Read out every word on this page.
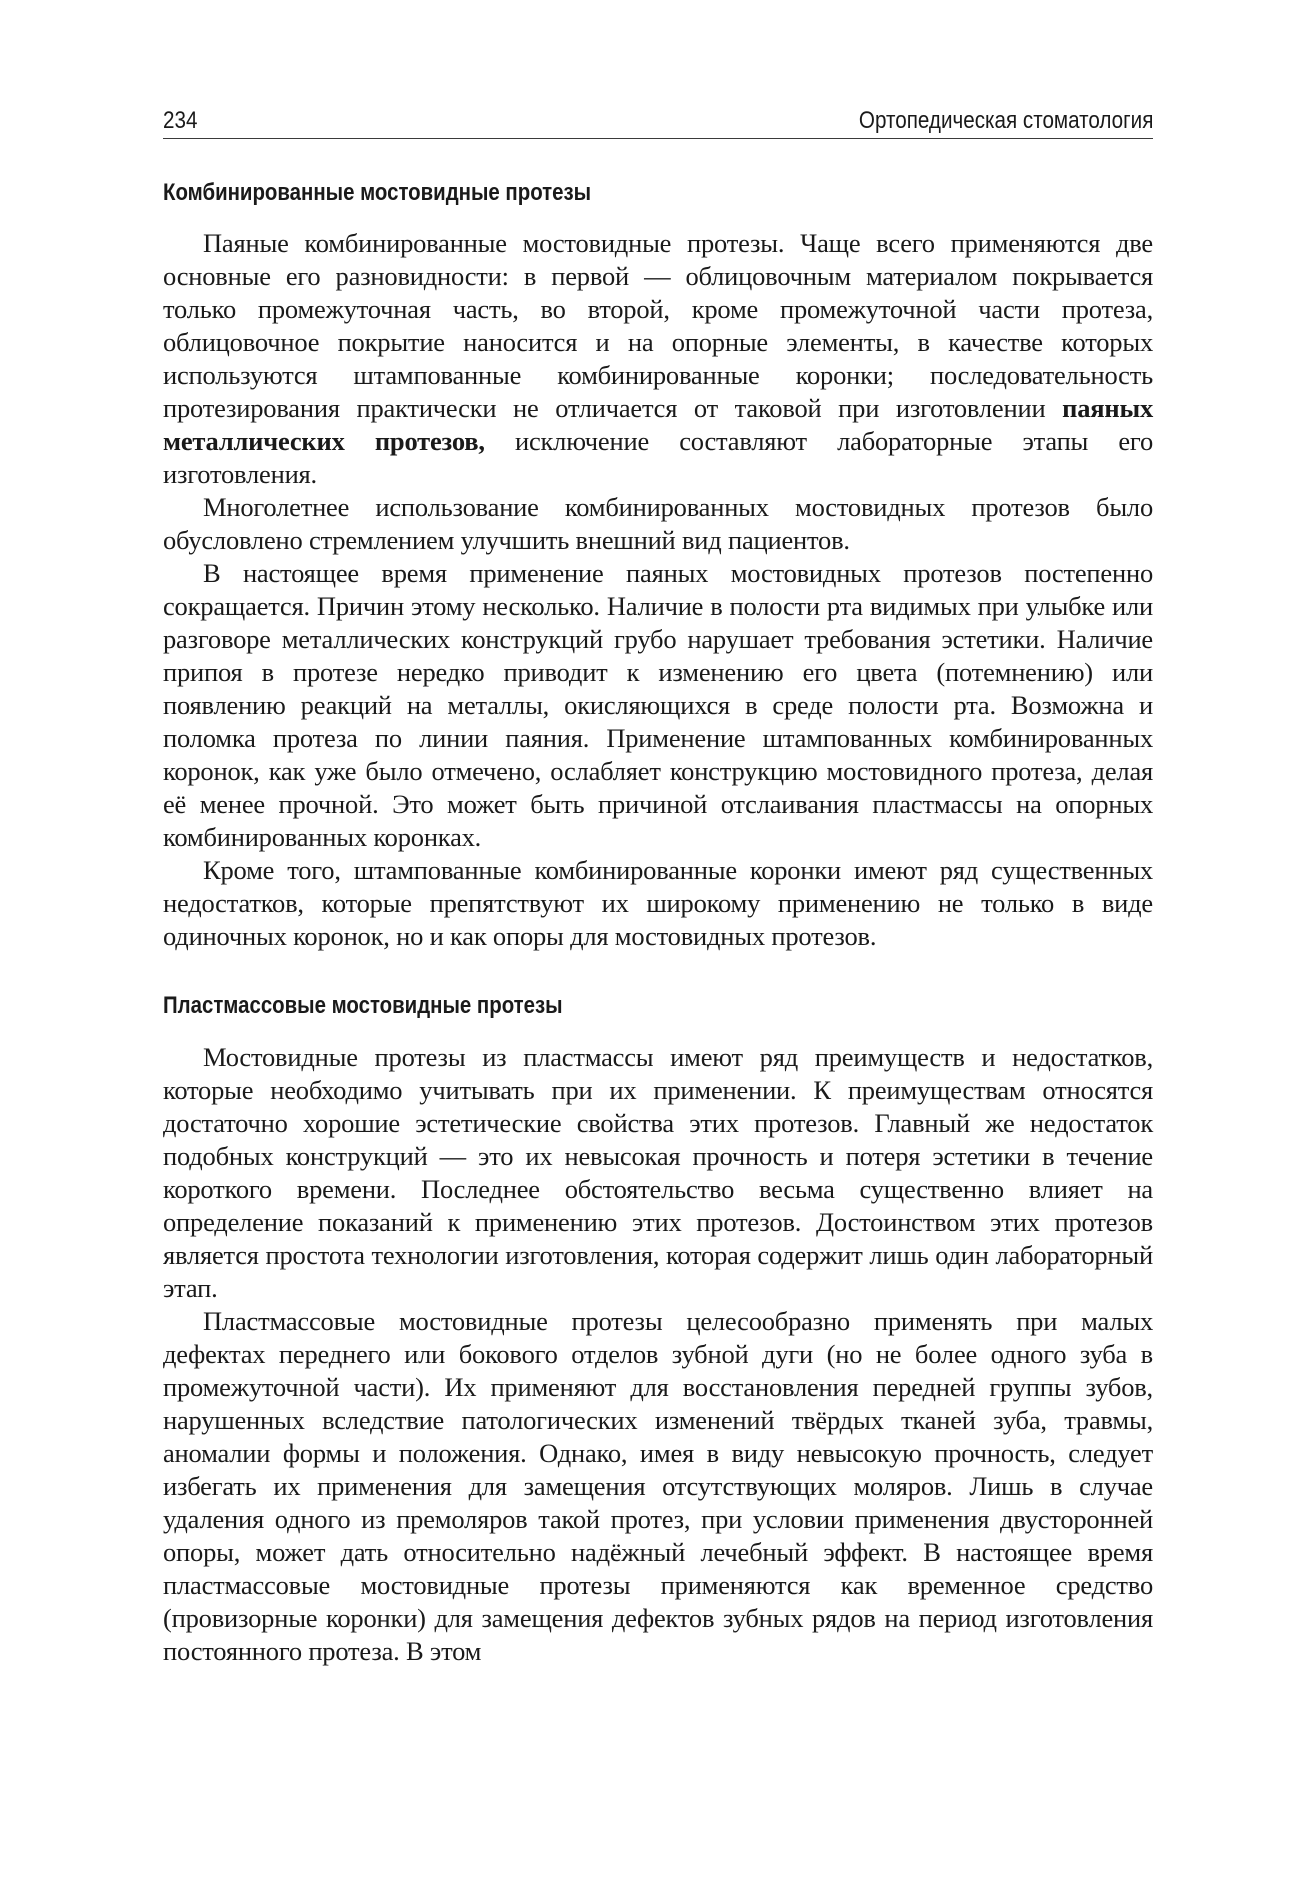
234	Ортопедическая стоматология
Комбинированные мостовидные протезы

Паяные комбинированные мостовидные протезы. Чаще всего применяются две основные его разновидности: в первой — облицовочным материалом покрывается только промежуточная часть, во второй, кроме промежуточной части протеза, облицовочное покрытие наносится и на опорные элементы, в качестве которых используются штампованные комбинированные коронки; последовательность протезирования практически не отличается от таковой при изготовлении паяных металлических протезов, исключение составляют лабораторные этапы его изготовления.

Многолетнее использование комбинированных мостовидных протезов было обусловлено стремлением улучшить внешний вид пациентов.

В настоящее время применение паяных мостовидных протезов постепенно сокращается. Причин этому несколько. Наличие в полости рта видимых при улыбке или разговоре металлических конструкций грубо нарушает требования эстетики. Наличие припоя в протезе нередко приводит к изменению его цвета (потемнению) или появлению реакций на металлы, окисляющихся в среде полости рта. Возможна и поломка протеза по линии паяния. Применение штампованных комбинированных коронок, как уже было отмечено, ослабляет конструкцию мостовидного протеза, делая её менее прочной. Это может быть причиной отслаивания пластмассы на опорных комбинированных коронках.

Кроме того, штампованные комбинированные коронки имеют ряд существенных недостатков, которые препятствуют их широкому применению не только в виде одиночных коронок, но и как опоры для мостовидных протезов.

Пластмассовые мостовидные протезы

Мостовидные протезы из пластмассы имеют ряд преимуществ и недостатков, которые необходимо учитывать при их применении. К преимуществам относятся достаточно хорошие эстетические свойства этих протезов. Главный же недостаток подобных конструкций — это их невысокая прочность и потеря эстетики в течение короткого времени. Последнее обстоятельство весьма существенно влияет на определение показаний к применению этих протезов. Достоинством этих протезов является простота технологии изготовления, которая содержит лишь один лабораторный этап.

Пластмассовые мостовидные протезы целесообразно применять при малых дефектах переднего или бокового отделов зубной дуги (но не более одного зуба в промежуточной части). Их применяют для восстановления передней группы зубов, нарушенных вследствие патологических изменений твёрдых тканей зуба, травмы, аномалии формы и положения. Однако, имея в виду невысокую прочность, следует избегать их применения для замещения отсутствующих моляров. Лишь в случае удаления одного из премоляров такой протез, при условии применения двусторонней опоры, может дать относительно надёжный лечебный эффект. В настоящее время пластмассовые мостовидные протезы применяются как временное средство (провизорные коронки) для замещения дефектов зубных рядов на период изготовления постоянного протеза. В этом
